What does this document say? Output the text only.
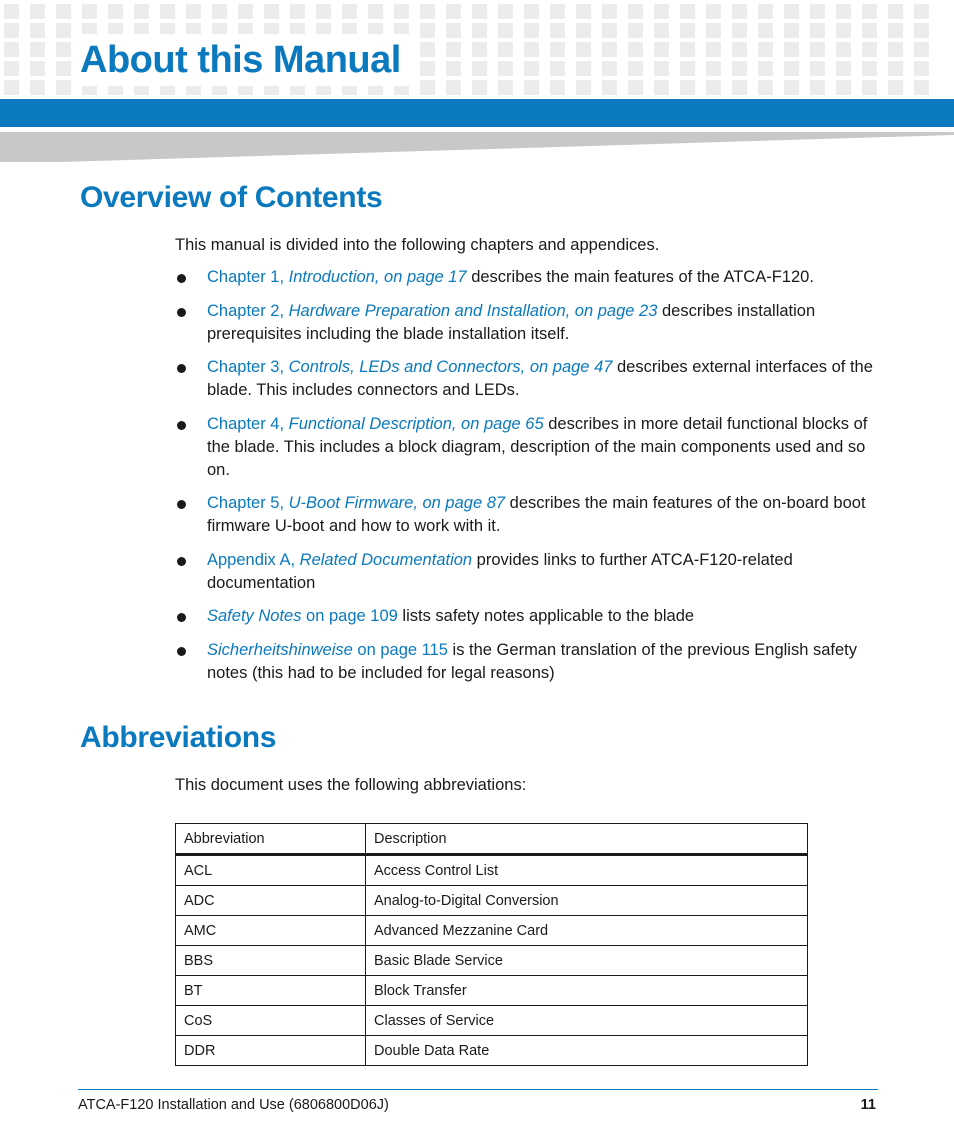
About this Manual
Overview of Contents

This manual is divided into the following chapters and appendices.

Chapter 1, Introduction, on page 17 describes the main features of the ATCA-F120.
Chapter 2, Hardware Preparation and Installation, on page 23 describes installation prerequisites including the blade installation itself.
Chapter 3, Controls, LEDs and Connectors, on page 47 describes external interfaces of the blade. This includes connectors and LEDs.
Chapter 4, Functional Description, on page 65 describes in more detail functional blocks of the blade. This includes a block diagram, description of the main components used and so on.
Chapter 5, U-Boot Firmware, on page 87 describes the main features of the on-board boot firmware U-boot and how to work with it.
Appendix A, Related Documentation provides links to further ATCA-F120-related documentation
Safety Notes on page 109 lists safety notes applicable to the blade
Sicherheitshinweise on page 115 is the German translation of the previous English safety notes (this had to be included for legal reasons)
Abbreviations

This document uses the following abbreviations:

Abbreviation	Description
ACL	Access Control List
ADC	Analog-to-Digital Conversion
AMC	Advanced Mezzanine Card
BBS	Basic Blade Service
BT	Block Transfer
CoS	Classes of Service
DDR	Double Data Rate
ATCA-F120 Installation and Use (6806800D06J)	11
